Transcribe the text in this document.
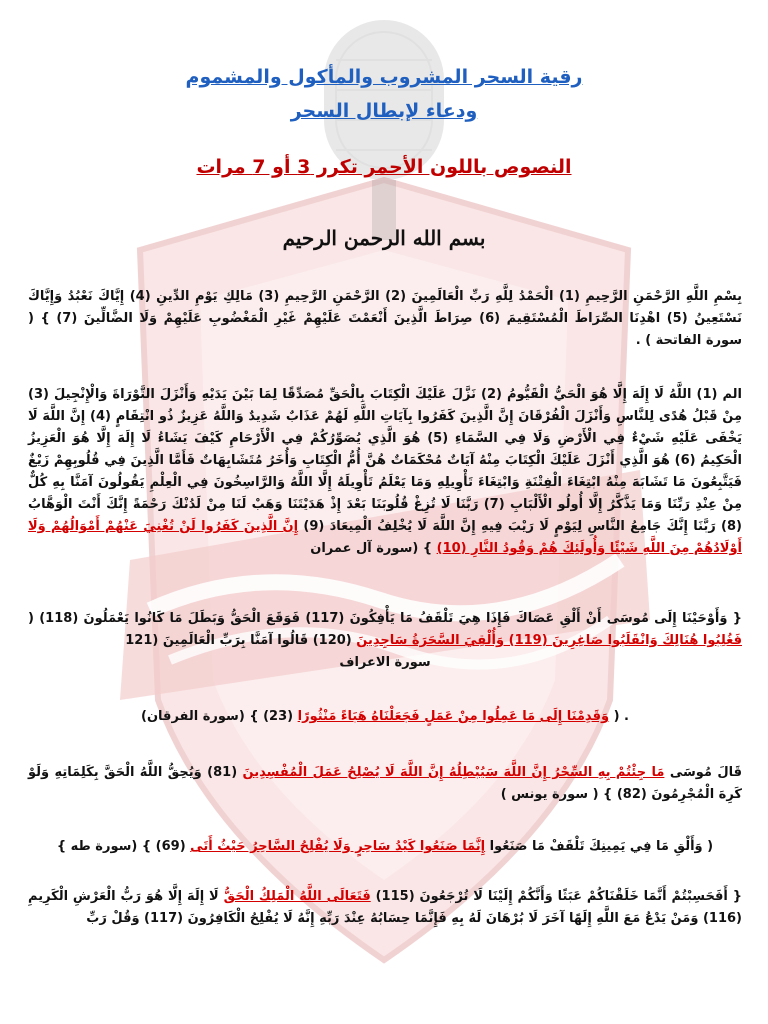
رقية السحر المشروب والمأكول والمشموم
ودعاء لإبطال السحر
النصوص باللون الأحمر تكرر 3 أو 7 مرات
بسم الله الرحمن الرحيم
بِسْمِ اللَّهِ الرَّحْمَنِ الرَّحِيمِ (1) الْحَمْدُ لِلَّهِ رَبِّ الْعَالَمِينَ (2) الرَّحْمَنِ الرَّحِيمِ (3) مَالِكِ يَوْمِ الدِّينِ (4) إِيَّاكَ نَعْبُدُ وَإِيَّاكَ نَسْتَعِينُ (5) اهْدِنَا الصِّرَاطَ الْمُسْتَقِيمَ (6) صِرَاطَ الَّذِينَ أَنْعَمْتَ عَلَيْهِمْ غَيْرِ الْمَغْضُوبِ عَلَيْهِمْ وَلَا الضَّالِّينَ (7) } ( سورة الفاتحة ) .
الم (1) اللَّهُ لَا إِلَهَ إِلَّا هُوَ الْحَيُّ الْقَيُّومُ (2) نَزَّلَ عَلَيْكَ الْكِتَابَ بِالْحَقِّ مُصَدِّقًا لِمَا بَيْنَ يَدَيْهِ وَأَنْزَلَ التَّوْرَاةَ وَالْإِنْجِيلَ (3) مِنْ قَبْلُ هُدًى لِلنَّاسِ وَأَنْزَلَ الْفُرْقَانَ إِنَّ الَّذِينَ كَفَرُوا بِآيَاتِ اللَّهِ لَهُمْ عَذَابٌ شَدِيدٌ وَاللَّهُ عَزِيزٌ ذُو انْتِقَامٍ (4) إِنَّ اللَّهَ لَا يَخْفَى عَلَيْهِ شَيْءٌ فِي الْأَرْضِ وَلَا فِي السَّمَاءِ (5) هُوَ الَّذِي يُصَوِّرُكُمْ فِي الْأَرْحَامِ كَيْفَ يَشَاءُ لَا إِلَهَ إِلَّا هُوَ الْعَزِيزُ الْحَكِيمُ (6) هُوَ الَّذِي أَنْزَلَ عَلَيْكَ الْكِتَابَ مِنْهُ آيَاتٌ مُحْكَمَاتٌ هُنَّ أُمُّ الْكِتَابِ وَأُخَرُ مُتَشَابِهَاتٌ فَأَمَّا الَّذِينَ فِي قُلُوبِهِمْ زَيْغٌ فَيَتَّبِعُونَ مَا تَشَابَهَ مِنْهُ ابْتِغَاءَ الْفِتْنَةِ وَابْتِغَاءَ تَأْوِيلِهِ وَمَا يَعْلَمُ تَأْوِيلَهُ إِلَّا اللَّهُ وَالرَّاسِخُونَ فِي الْعِلْمِ يَقُولُونَ آمَنَّا بِهِ كُلٌّ مِنْ عِنْدِ رَبِّنَا وَمَا يَذَّكَّرُ إِلَّا أُولُو الْأَلْبَابِ (7) رَبَّنَا لَا تُزِغْ قُلُوبَنَا بَعْدَ إِذْ هَدَيْتَنَا وَهَبْ لَنَا مِنْ لَدُنْكَ رَحْمَةً إِنَّكَ أَنْتَ الْوَهَّابُ (8) رَبَّنَا إِنَّكَ جَامِعُ النَّاسِ لِيَوْمٍ لَا رَيْبَ فِيهِ إِنَّ اللَّهَ لَا يُخْلِفُ الْمِيعَادَ (9) إِنَّ الَّذِينَ كَفَرُوا لَنْ تُغْنِيَ عَنْهُمْ أَمْوَالُهُمْ وَلَا أَوْلَادُهُمْ مِنَ اللَّهِ شَيْئًا وَأُولَئِكَ هُمْ وَقُودُ النَّارِ (10) } (سورة آل عمران
{ وَأَوْحَيْنَا إِلَى مُوسَى أَنْ أَلْقِ عَصَاكَ فَإِذَا هِيَ تَلْقَفُ مَا يَأْفِكُونَ (117) فَوَقَعَ الْحَقُّ وَبَطَلَ مَا كَانُوا يَعْمَلُونَ (118) ( فَغُلِبُوا هُنَالِكَ وَانْقَلَبُوا صَاغِرِينَ (119) وَأُلْقِيَ السَّحَرَةُ سَاجِدِينَ (120) قَالُوا آمَنَّا بِرَبِّ الْعَالَمِينَ (121
سورة الاعراف
. ( وَقَدِمْنَا إِلَى مَا عَمِلُوا مِنْ عَمَلٍ فَجَعَلْنَاهُ هَبَاءً مَنْثُورًا (23) } (سورة الفرقان)
قَالَ مُوسَى مَا جِئْتُمْ بِهِ السِّحْرُ إِنَّ اللَّهَ سَيُبْطِلُهُ إِنَّ اللَّهَ لَا يُصْلِحُ عَمَلَ الْمُفْسِدِينَ (81) وَيُحِقُّ اللَّهُ الْحَقَّ بِكَلِمَاتِهِ وَلَوْ كَرِهَ الْمُجْرِمُونَ (82) } ( سورة يونس )
( وَأَلْقِ مَا فِي يَمِينِكَ تَلْقَفْ مَا صَنَعُوا إِنَّمَا صَنَعُوا كَيْدُ سَاحِرٍ وَلَا يُفْلِحُ السَّاحِرُ حَيْثُ أَتَى (69) } (سورة طه }
{ أَفَحَسِبْتُمْ أَنَّمَا خَلَقْنَاكُمْ عَبَثًا وَأَنَّكُمْ إِلَيْنَا لَا تُرْجَعُونَ (115) فَتَعَالَى اللَّهُ الْمَلِكُ الْحَقُّ لَا إِلَهَ إِلَّا هُوَ رَبُّ الْعَرْشِ الْكَرِيمِ (116) وَمَنْ يَدْعُ مَعَ اللَّهِ إِلَهًا آخَرَ لَا بُرْهَانَ لَهُ بِهِ فَإِنَّمَا حِسَابُهُ عِنْدَ رَبِّهِ إِنَّهُ لَا يُفْلِحُ الْكَافِرُونَ (117) وَقُلْ رَبِّ
